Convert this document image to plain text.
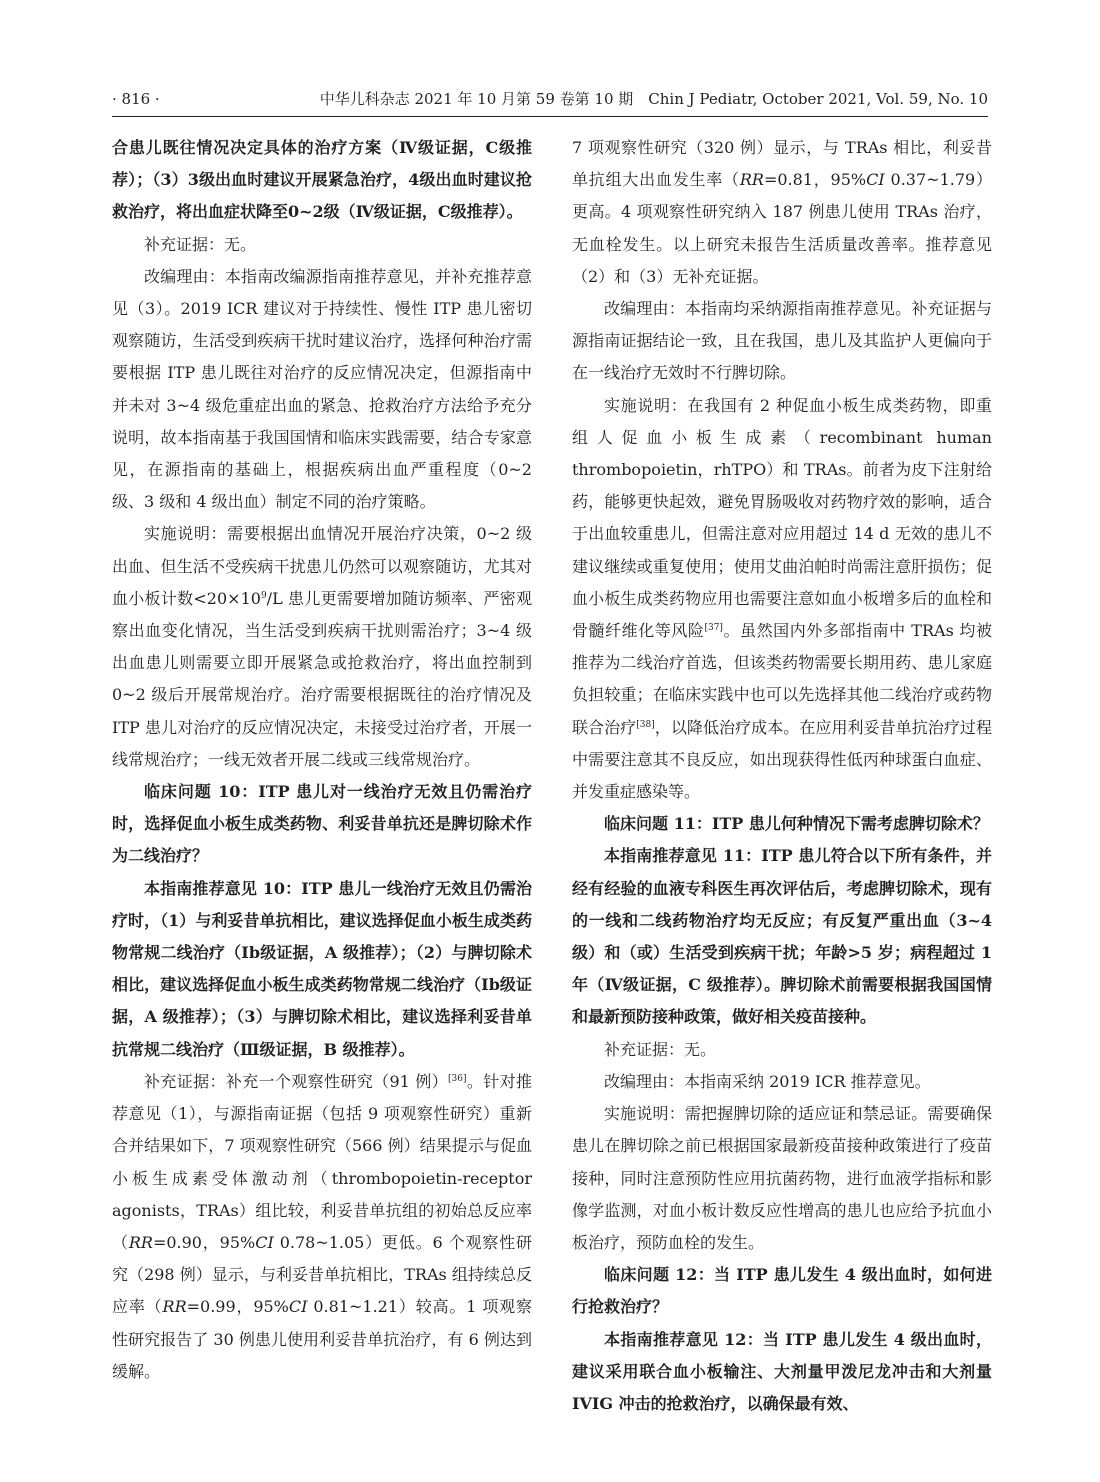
· 816 ·	中华儿科杂志 2021 年 10 月第 59 卷第 10 期　Chin J Pediatr, October 2021, Vol. 59, No. 10

合患儿既往情况决定具体的治疗方案（Ⅳ级证据，C级推荐）；（3）3级出血时建议开展紧急治疗，4级出血时建议抢救治疗，将出血症状降至0~2级（Ⅳ级证据，C级推荐）。

补充证据：无。

改编理由：本指南改编源指南推荐意见，并补充推荐意见（3）。2019 ICR 建议对于持续性、慢性 ITP 患儿密切观察随访，生活受到疾病干扰时建议治疗，选择何种治疗需要根据 ITP 患儿既往对治疗的反应情况决定，但源指南中并未对 3~4 级危重症出血的紧急、抢救治疗方法给予充分说明，故本指南基于我国国情和临床实践需要，结合专家意见，在源指南的基础上，根据疾病出血严重程度（0~2 级、3 级和 4 级出血）制定不同的治疗策略。

实施说明：需要根据出血情况开展治疗决策，0~2 级出血、但生活不受疾病干扰患儿仍然可以观察随访，尤其对血小板计数$<20\times 10^9/L$ 患儿更需要增加随访频率、严密观察出血变化情况，当生活受到疾病干扰则需治疗；3~4 级出血患儿则需要立即开展紧急或抢救治疗，将出血控制到 0~2 级后开展常规治疗。治疗需要根据既往的治疗情况及 ITP 患儿对治疗的反应情况决定，未接受过治疗者，开展一线常规治疗；一线无效者开展二线或三线常规治疗。

临床问题 10：ITP 患儿对一线治疗无效且仍需治疗时，选择促血小板生成类药物、利妥昔单抗还是脾切除术作为二线治疗？

本指南推荐意见 10：ITP 患儿一线治疗无效且仍需治疗时，（1）与利妥昔单抗相比，建议选择促血小板生成类药物常规二线治疗（Ⅰb级证据，A 级推荐）；（2）与脾切除术相比，建议选择促血小板生成类药物常规二线治疗（Ⅰb级证据，A 级推荐）；（3）与脾切除术相比，建议选择利妥昔单抗常规二线治疗（Ⅲ级证据，B 级推荐）。

补充证据：补充一个观察性研究（91 例）[36]。针对推荐意见（1），与源指南证据（包括 9 项观察性研究）重新合并结果如下，7 项观察性研究（566 例）结果提示与促血小板生成素受体激动剂（thrombopoietin-receptor agonists，TRAs）组比较，利妥昔单抗组的初始总反应率（RR=0.90，95%CI 0.78~1.05）更低。6 个观察性研究（298 例）显示，与利妥昔单抗相比，TRAs 组持续总反应率（RR=0.99，95%CI 0.81~1.21）较高。1 项观察性研究报告了 30 例患儿使用利妥昔单抗治疗，有 6 例达到缓解。

7 项观察性研究（320 例）显示，与 TRAs 相比，利妥昔单抗组大出血发生率（RR=0.81，95%CI 0.37~1.79）更高。4 项观察性研究纳入 187 例患儿使用 TRAs 治疗，无血栓发生。以上研究未报告生活质量改善率。推荐意见（2）和（3）无补充证据。

改编理由：本指南均采纳源指南推荐意见。补充证据与源指南证据结论一致，且在我国，患儿及其监护人更偏向于在一线治疗无效时不行脾切除。

实施说明：在我国有 2 种促血小板生成类药物，即重组人促血小板生成素（recombinant human thrombopoietin，rhTPO）和 TRAs。前者为皮下注射给药，能够更快起效，避免胃肠吸收对药物疗效的影响，适合于出血较重患儿，但需注意对应用超过 14 d 无效的患儿不建议继续或重复使用；使用艾曲泊帕时尚需注意肝损伤；促血小板生成类药物应用也需要注意如血小板增多后的血栓和骨髓纤维化等风险[37]。虽然国内外多部指南中 TRAs 均被推荐为二线治疗首选，但该类药物需要长期用药、患儿家庭负担较重；在临床实践中也可以先选择其他二线治疗或药物联合治疗[38]，以降低治疗成本。在应用利妥昔单抗治疗过程中需要注意其不良反应，如出现获得性低丙种球蛋白血症、并发重症感染等。

临床问题 11：ITP 患儿何种情况下需考虑脾切除术？

本指南推荐意见 11：ITP 患儿符合以下所有条件，并经有经验的血液专科医生再次评估后，考虑脾切除术，现有的一线和二线药物治疗均无反应；有反复严重出血（3~4 级）和（或）生活受到疾病干扰；年龄>5 岁；病程超过 1 年（Ⅳ级证据，C 级推荐）。脾切除术前需要根据我国国情和最新预防接种政策，做好相关疫苗接种。

补充证据：无。

改编理由：本指南采纳 2019 ICR 推荐意见。

实施说明：需把握脾切除的适应证和禁忌证。需要确保患儿在脾切除之前已根据国家最新疫苗接种政策进行了疫苗接种，同时注意预防性应用抗菌药物，进行血液学指标和影像学监测，对血小板计数反应性增高的患儿也应给予抗血小板治疗，预防血栓的发生。

临床问题 12：当 ITP 患儿发生 4 级出血时，如何进行抢救治疗？

本指南推荐意见 12：当 ITP 患儿发生 4 级出血时，建议采用联合血小板输注、大剂量甲泼尼龙冲击和大剂量 IVIG 冲击的抢救治疗，以确保最有效、
